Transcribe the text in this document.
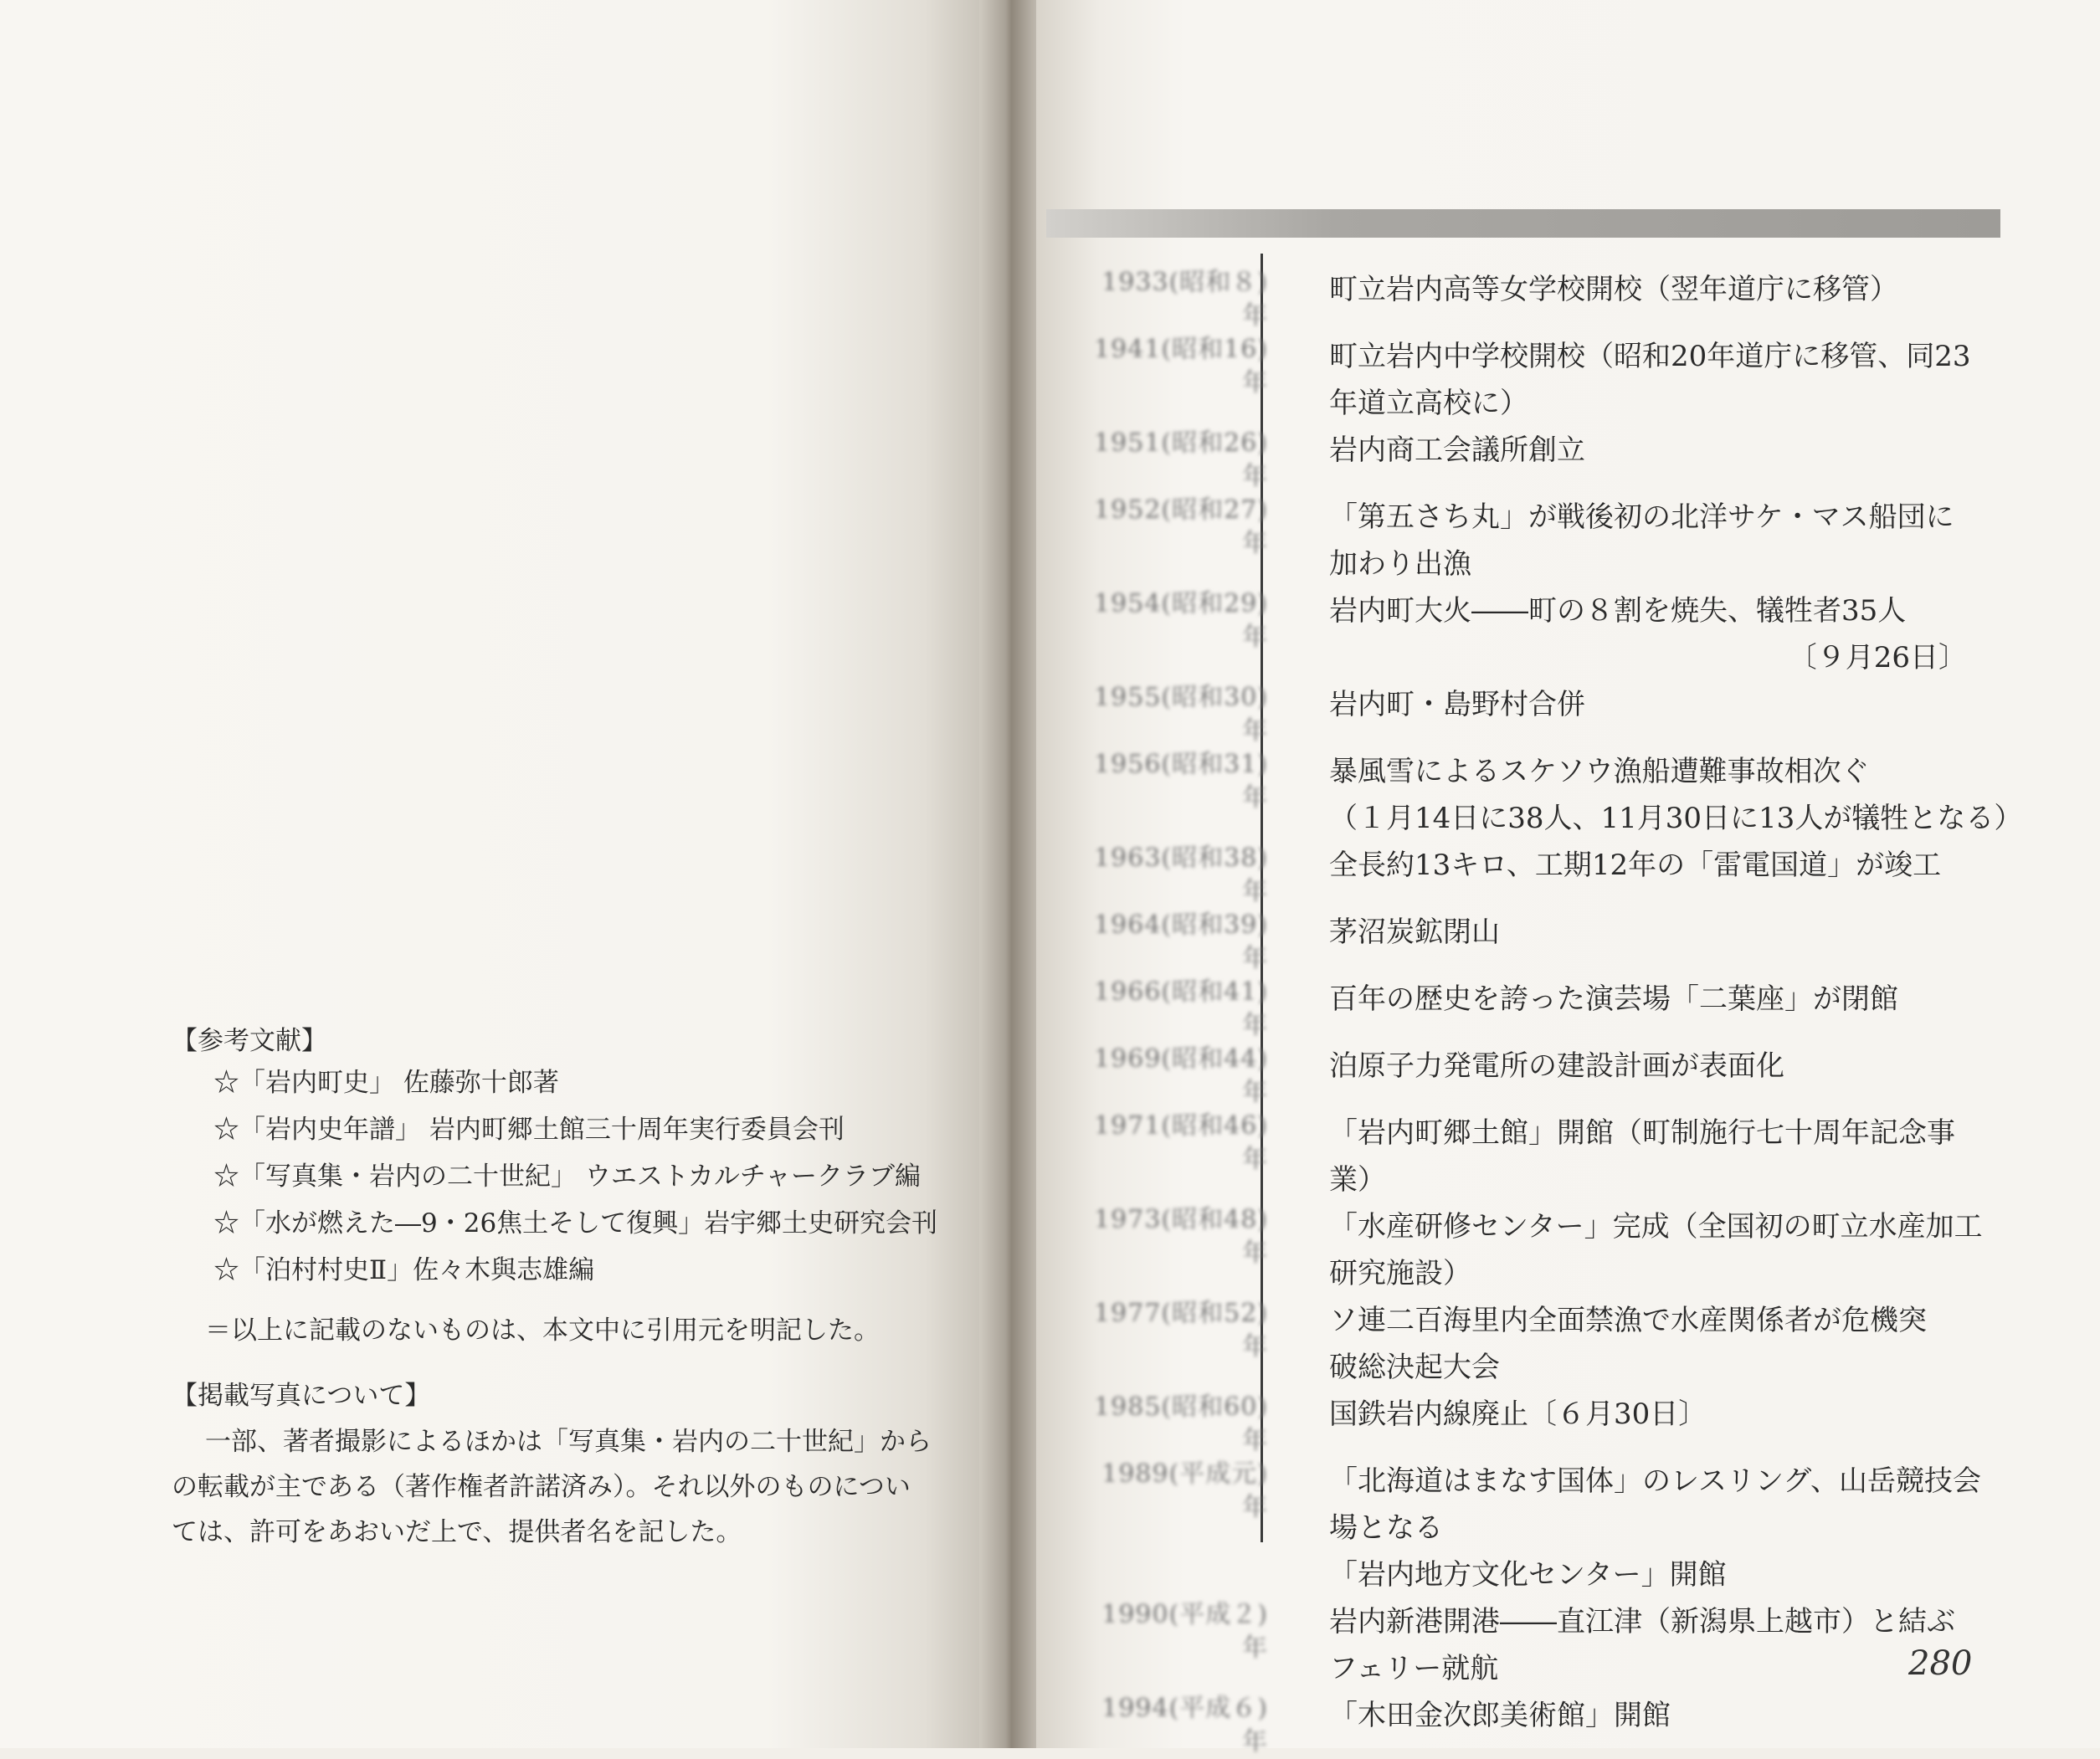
【参考文献】
☆「岩内町史」 佐藤弥十郎著
☆「岩内史年譜」 岩内町郷土館三十周年実行委員会刊
☆「写真集・岩内の二十世紀」 ウエストカルチャークラブ編
☆「水が燃えた―9・26焦土そして復興」岩宇郷土史研究会刊
☆「泊村村史Ⅱ」佐々木與志雄編
＝以上に記載のないものは、本文中に引用元を明記した。
【掲載写真について】
一部、著者撮影によるほかは「写真集・岩内の二十世紀」から
の転載が主である（著作権者許諾済み）。それ以外のものについ
ては、許可をあおいだ上で、提供者名を記した。
1933(昭和８)年
町立岩内高等女学校開校（翌年道庁に移管）
1941(昭和16)年
町立岩内中学校開校（昭和20年道庁に移管、同23
年道立高校に）
1951(昭和26)年
岩内商工会議所創立
1952(昭和27)年
「第五さち丸」が戦後初の北洋サケ・マス船団に
加わり出漁
1954(昭和29)年
岩内町大火――町の８割を焼失、犠牲者35人
〔９月26日〕
1955(昭和30)年
岩内町・島野村合併
1956(昭和31)年
暴風雪によるスケソウ漁船遭難事故相次ぐ
（１月14日に38人、11月30日に13人が犠牲となる）
1963(昭和38)年
全長約13キロ、工期12年の「雷電国道」が竣工
1964(昭和39)年
茅沼炭鉱閉山
1966(昭和41)年
百年の歴史を誇った演芸場「二葉座」が閉館
1969(昭和44)年
泊原子力発電所の建設計画が表面化
1971(昭和46)年
「岩内町郷土館」開館（町制施行七十周年記念事
業）
1973(昭和48)年
「水産研修センター」完成（全国初の町立水産加工
研究施設）
1977(昭和52)年
ソ連二百海里内全面禁漁で水産関係者が危機突
破総決起大会
1985(昭和60)年
国鉄岩内線廃止〔６月30日〕
1989(平成元)年
「北海道はまなす国体」のレスリング、山岳競技会
場となる
「岩内地方文化センター」開館
1990(平成２)年
岩内新港開港――直江津（新潟県上越市）と結ぶ
フェリー就航
1994(平成６)年
「木田金次郎美術館」開館
280
